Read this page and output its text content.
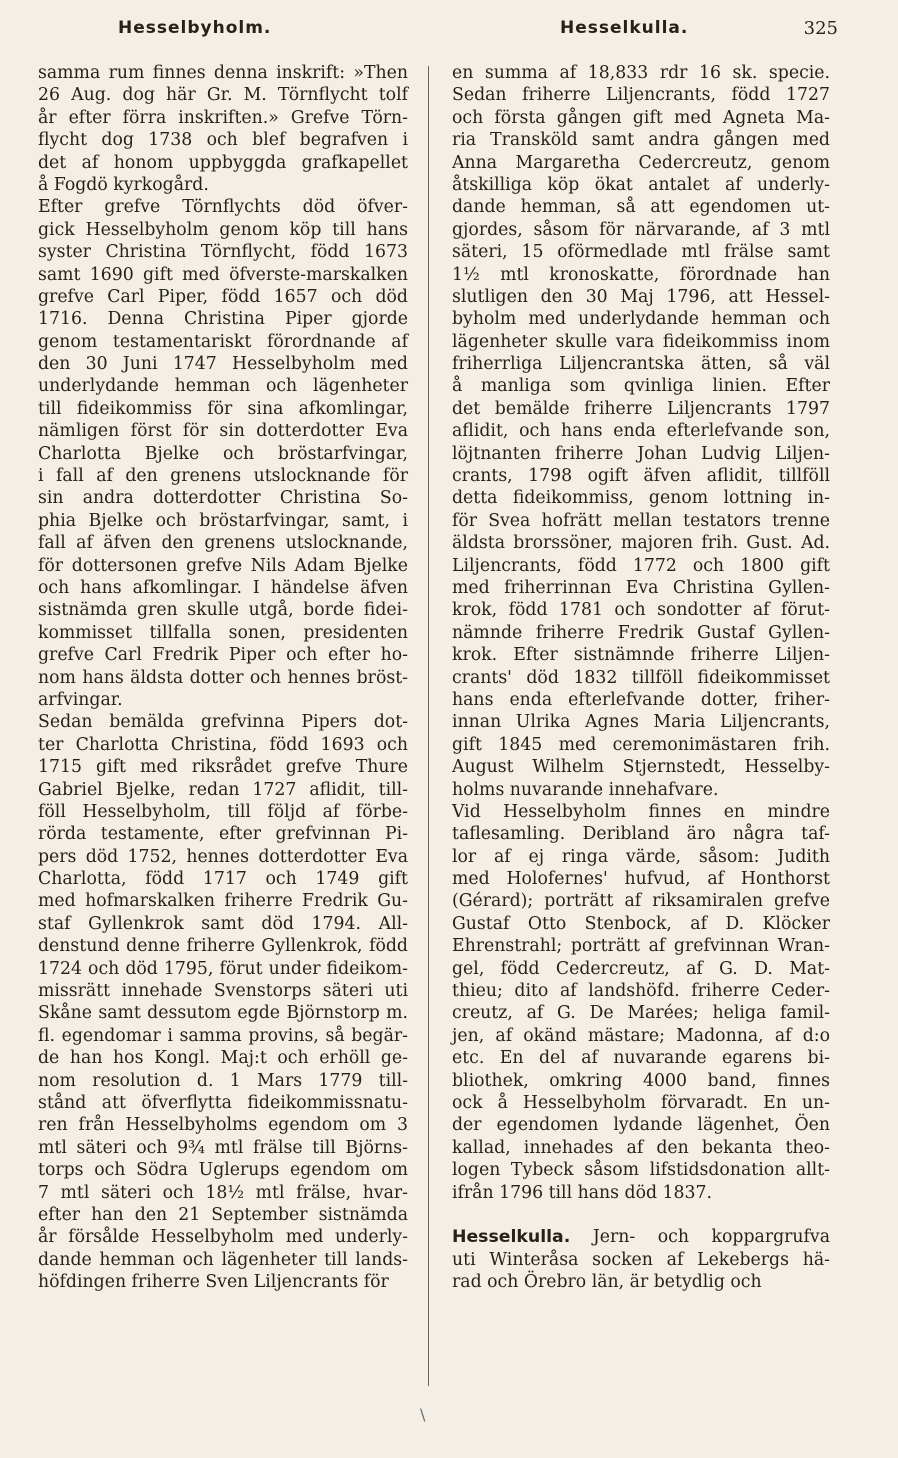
Hesselbyholm.	Hesselkulla.	325
samma rum finnes denna inskrift: »Then
26 Aug. dog här Gr. M. Törnflycht tolf
år efter förra inskriften.» Grefve Törn-
flycht dog 1738 och blef begrafven i
det af honom uppbyggda grafkapellet
å Fogdö kyrkogård.
Efter grefve Törnflychts död öfver-
gick Hesselbyholm genom köp till hans
syster Christina Törnflycht, född 1673
samt 1690 gift med öfverste-marskalken
grefve Carl Piper, född 1657 och död
1716. Denna Christina Piper gjorde
genom testamentariskt förordnande af
den 30 Juni 1747 Hesselbyholm med
underlydande hemman och lägenheter
till fideikommiss för sina afkomlingar,
nämligen först för sin dotterdotter Eva
Charlotta Bjelke och bröstarfvingar,
i fall af den grenens utslocknande för
sin andra dotterdotter Christina So-
phia Bjelke och bröstarfvingar, samt, i
fall af äfven den grenens utslocknande,
för dottersonen grefve Nils Adam Bjelke
och hans afkomlingar. I händelse äfven
sistnämda gren skulle utgå, borde fidei-
kommisset tillfalla sonen, presidenten
grefve Carl Fredrik Piper och efter ho-
nom hans äldsta dotter och hennes bröst-
arfvingar.
Sedan bemälda grefvinna Pipers dot-
ter Charlotta Christina, född 1693 och
1715 gift med riksrådet grefve Thure
Gabriel Bjelke, redan 1727 aflidit, till-
föll Hesselbyholm, till följd af förbe-
rörda testamente, efter grefvinnan Pi-
pers död 1752, hennes dotterdotter Eva
Charlotta, född 1717 och 1749 gift
med hofmarskalken friherre Fredrik Gu-
staf Gyllenkrok samt död 1794. All-
denstund denne friherre Gyllenkrok, född
1724 och död 1795, förut under fideikom-
missrätt innehade Svenstorps säteri uti
Skåne samt dessutom egde Björnstorp m.
fl. egendomar i samma provins, så begär-
de han hos Kongl. Maj:t och erhöll ge-
nom resolution d. 1 Mars 1779 till-
stånd att öfverflytta fideikommissnatu-
ren från Hesselbyholms egendom om 3
mtl säteri och 9¾ mtl frälse till Björns-
torps och Södra Uglerups egendom om
7 mtl säteri och 18½ mtl frälse, hvar-
efter han den 21 September sistnämda
år försålde Hesselbyholm med underly-
dande hemman och lägenheter till lands-
höfdingen friherre Sven Liljencrants för
en summa af 18,833 rdr 16 sk. specie.
Sedan friherre Liljencrants, född 1727
och första gången gift med Agneta Ma-
ria Transköld samt andra gången med
Anna Margaretha Cedercreutz, genom
åtskilliga köp ökat antalet af underly-
dande hemman, så att egendomen ut-
gjordes, såsom för närvarande, af 3 mtl
säteri, 15 oförmedlade mtl frälse samt
1½ mtl kronoskatte, förordnade han
slutligen den 30 Maj 1796, att Hessel-
byholm med underlydande hemman och
lägenheter skulle vara fideikommiss inom
friherrliga Liljencrantska ätten, så väl
å manliga som qvinliga linien. Efter
det bemälde friherre Liljencrants 1797
aflidit, och hans enda efterlefvande son,
löjtnanten friherre Johan Ludvig Liljen-
crants, 1798 ogift äfven aflidit, tillföll
detta fideikommiss, genom lottning in-
för Svea hofrätt mellan testators trenne
äldsta brorssöner, majoren frih. Gust. Ad.
Liljencrants, född 1772 och 1800 gift
med friherrinnan Eva Christina Gyllen-
krok, född 1781 och sondotter af förut-
nämnde friherre Fredrik Gustaf Gyllen-
krok. Efter sistnämnde friherre Liljen-
crants' död 1832 tillföll fideikommisset
hans enda efterlefvande dotter, friher-
innan Ulrika Agnes Maria Liljencrants,
gift 1845 med ceremonimästaren frih.
August Wilhelm Stjernstedt, Hesselby-
holms nuvarande innehafvare.
Vid Hesselbyholm finnes en mindre
taflesamling. Deribland äro några taf-
lor af ej ringa värde, såsom: Judith
med Holofernes' hufvud, af Honthorst
(Gérard); porträtt af riksamiralen grefve
Gustaf Otto Stenbock, af D. Klöcker
Ehrenstrahl; porträtt af grefvinnan Wran-
gel, född Cedercreutz, af G. D. Mat-
thieu; dito af landshöfd. friherre Ceder-
creutz, af G. De Marées; heliga famil-
jen, af okänd mästare; Madonna, af d:o
etc. En del af nuvarande egarens bi-
bliothek, omkring 4000 band, finnes
ock å Hesselbyholm förvaradt. En un-
der egendomen lydande lägenhet, Öen
kallad, innehades af den bekanta theo-
logen Tybeck såsom lifstidsdonation allt-
ifrån 1796 till hans död 1837.
Hesselkulla. Jern- och koppargrufva
uti Winteråsa socken af Lekebergs hä-
rad och Örebro län, är betydlig och
\
